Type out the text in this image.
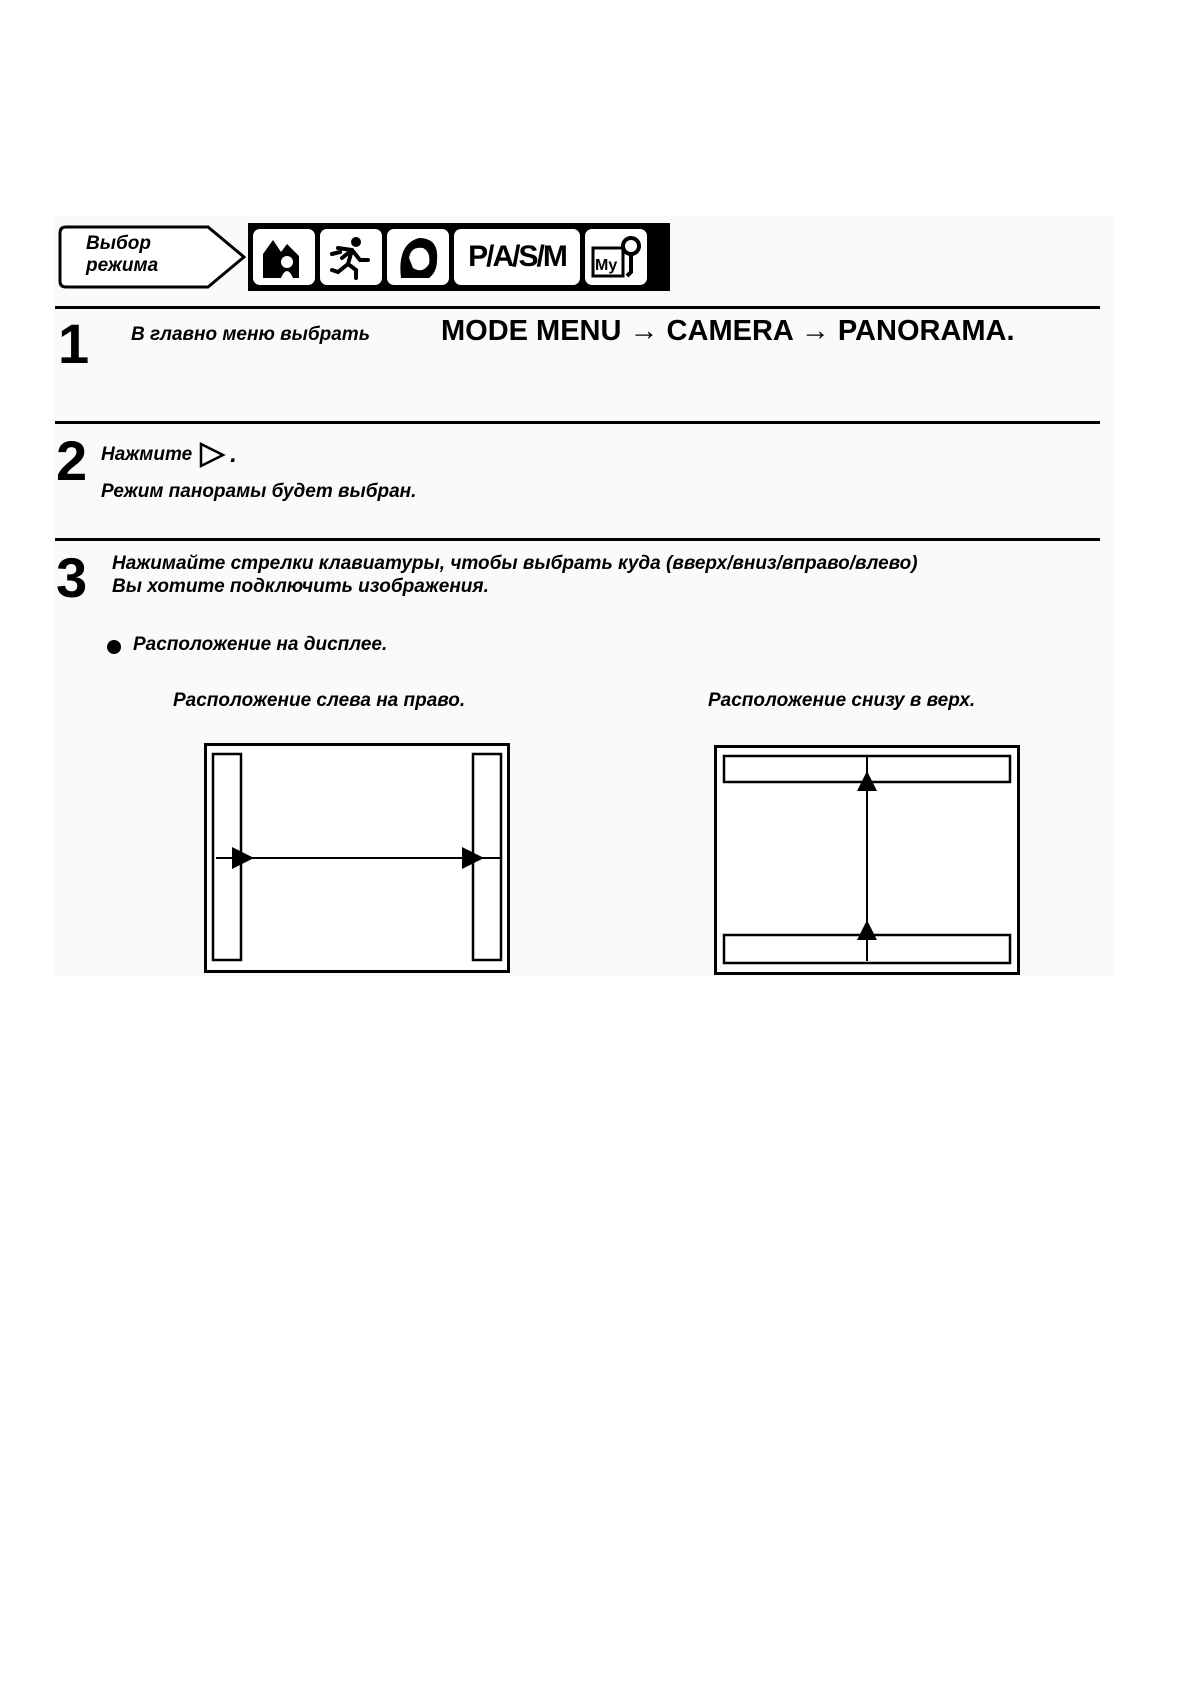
Выбор
режима	P/A/S/M My
1 В главно меню выбрать MODE MENU → CAMERA → PANORAMA.
2 Нажмите .
Режим панорамы будет выбран.
3 Нажимайте стрелки клавиатуры, чтобы выбрать куда (вверх/вниз/вправо/влево)
Вы хотите подключить изображения.
Расположение на дисплее.
Расположение слева на право.	Расположение снизу в верх.
